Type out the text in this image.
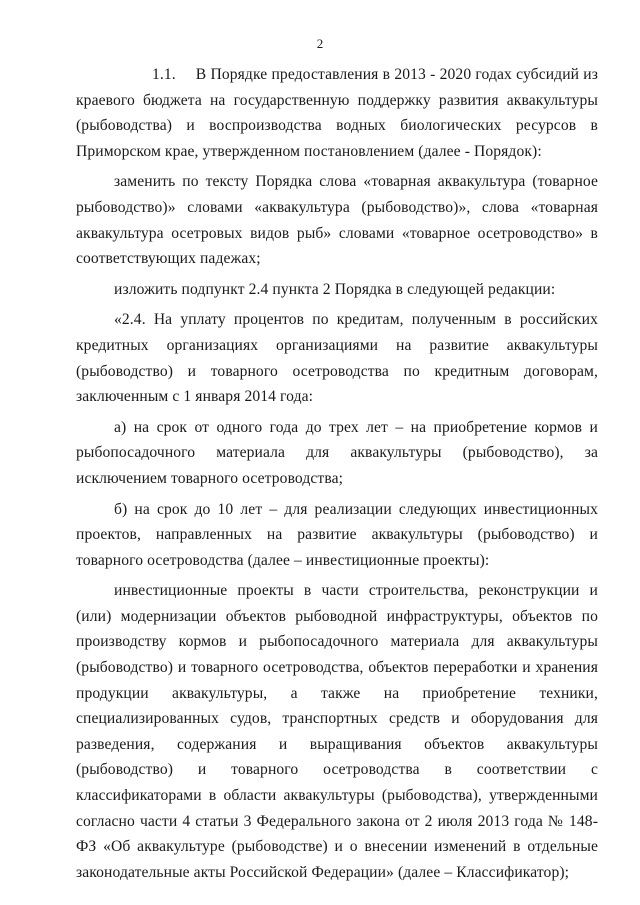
2

1.1. В Порядке предоставления в 2013 - 2020 годах субсидий из краевого бюджета на государственную поддержку развития аквакультуры (рыбоводства) и воспроизводства водных биологических ресурсов в Приморском крае, утвержденном постановлением (далее - Порядок):

заменить по тексту Порядка слова «товарная аквакультура (товарное рыбоводство)» словами «аквакультура (рыбоводство)», слова «товарная аквакультура осетровых видов рыб» словами «товарное осетроводство» в соответствующих падежах;

изложить подпункт 2.4 пункта 2 Порядка в следующей редакции:

«2.4. На уплату процентов по кредитам, полученным в российских кредитных организациях организациями на развитие аквакультуры (рыбоводство) и товарного осетроводства по кредитным договорам, заключенным с 1 января 2014 года:

а) на срок от одного года до трех лет – на приобретение кормов и рыбопосадочного материала для аквакультуры (рыбоводство), за исключением товарного осетроводства;

б) на срок до 10 лет – для реализации следующих инвестиционных проектов, направленных на развитие аквакультуры (рыбоводство) и товарного осетроводства (далее – инвестиционные проекты):

инвестиционные проекты в части строительства, реконструкции и (или) модернизации объектов рыбоводной инфраструктуры, объектов по производству кормов и рыбопосадочного материала для аквакультуры (рыбоводство) и товарного осетроводства, объектов переработки и хранения продукции аквакультуры, а также на приобретение техники, специализированных судов, транспортных средств и оборудования для разведения, содержания и выращивания объектов аквакультуры (рыбоводство) и товарного осетроводства в соответствии с классификаторами в области аквакультуры (рыбоводства), утвержденными согласно части 4 статьи 3 Федерального закона от 2 июля 2013 года № 148-ФЗ «Об аквакультуре (рыбоводстве) и о внесении изменений в отдельные законодательные акты Российской Федерации» (далее – Классификатор);
